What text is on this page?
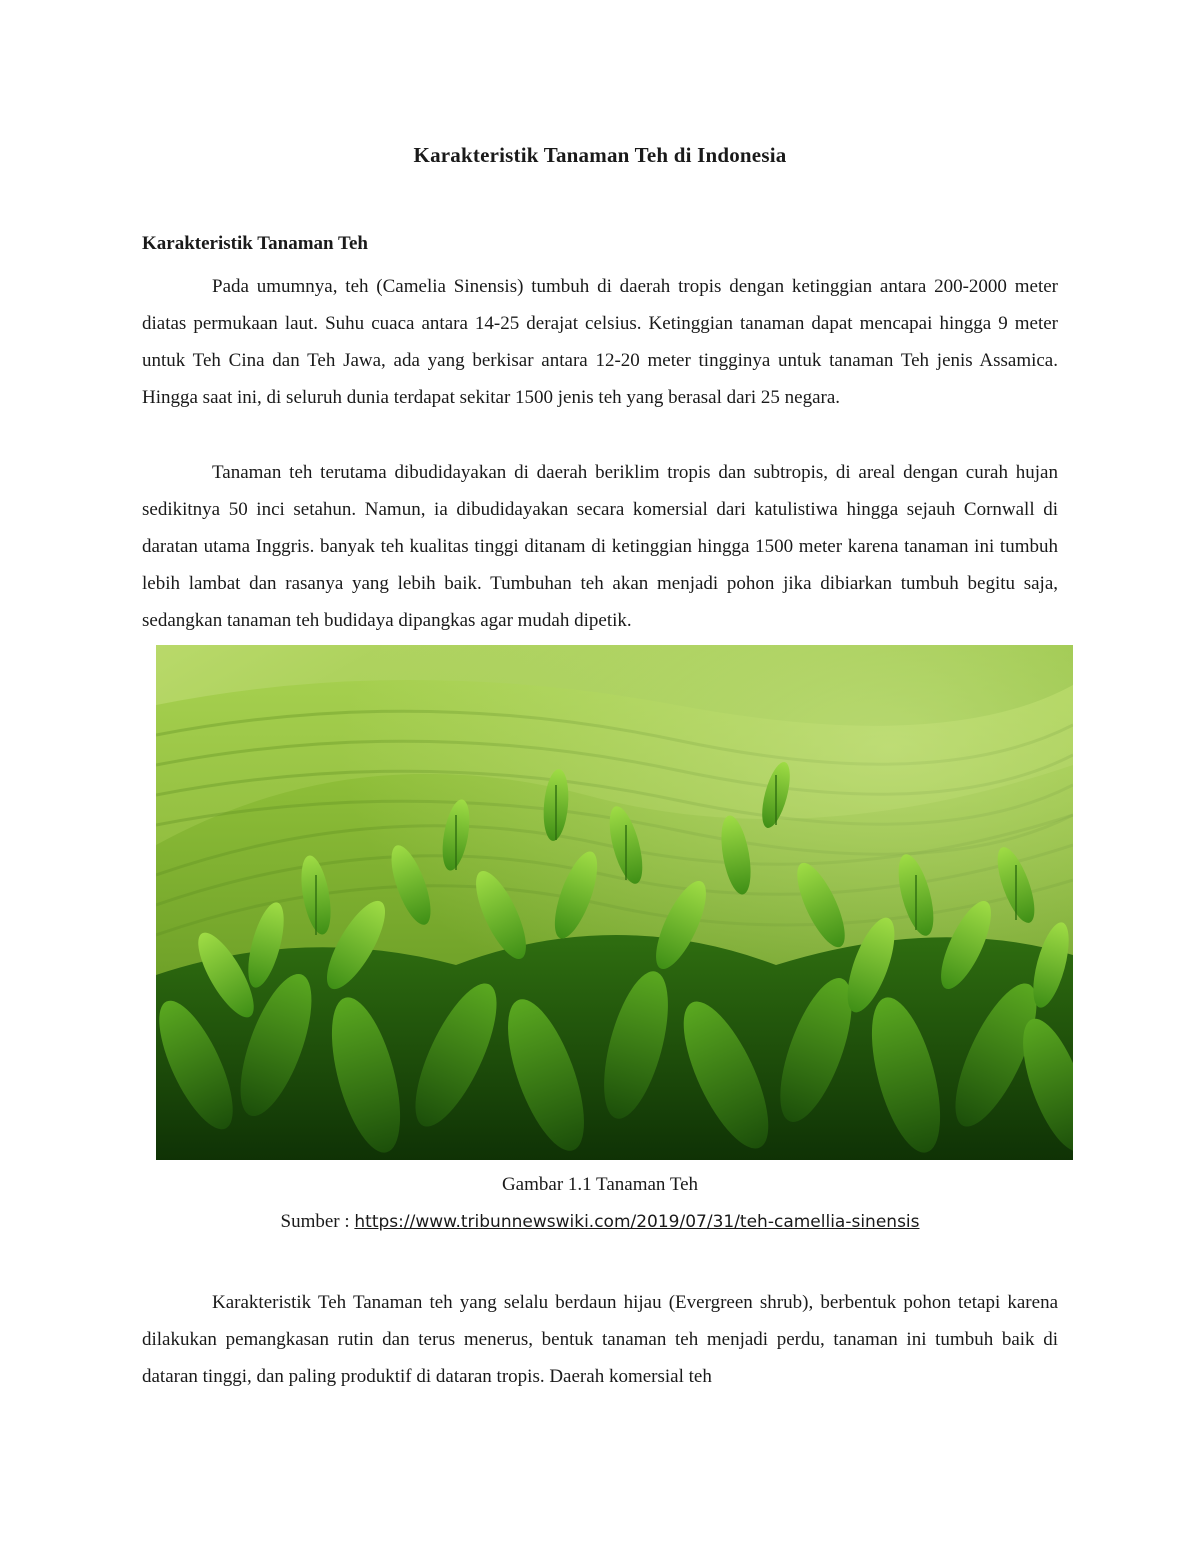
Karakteristik Tanaman Teh di Indonesia
Karakteristik Tanaman Teh

Pada umumnya, teh (Camelia Sinensis) tumbuh di daerah tropis dengan ketinggian antara 200-2000 meter diatas permukaan laut. Suhu cuaca antara 14-25 derajat celsius. Ketinggian tanaman dapat mencapai hingga 9 meter untuk Teh Cina dan Teh Jawa, ada yang berkisar antara 12-20 meter tingginya untuk tanaman Teh jenis Assamica. Hingga saat ini, di seluruh dunia terdapat sekitar 1500 jenis teh yang berasal dari 25 negara.

Tanaman teh terutama dibudidayakan di daerah beriklim tropis dan subtropis, di areal dengan curah hujan sedikitnya 50 inci setahun. Namun, ia dibudidayakan secara komersial dari katulistiwa hingga sejauh Cornwall di daratan utama Inggris. banyak teh kualitas tinggi ditanam di ketinggian hingga 1500 meter karena tanaman ini tumbuh lebih lambat dan rasanya yang lebih baik. Tumbuhan teh akan menjadi pohon jika dibiarkan tumbuh begitu saja, sedangkan tanaman teh budidaya dipangkas agar mudah dipetik.

Gambar 1.1 Tanaman Teh
Sumber : https://www.tribunnewswiki.com/2019/07/31/teh-camellia-sinensis

Karakteristik Teh Tanaman teh yang selalu berdaun hijau (Evergreen shrub), berbentuk pohon tetapi karena dilakukan pemangkasan rutin dan terus menerus, bentuk tanaman teh menjadi perdu, tanaman ini tumbuh baik di dataran tinggi, dan paling produktif di dataran tropis. Daerah komersial teh
